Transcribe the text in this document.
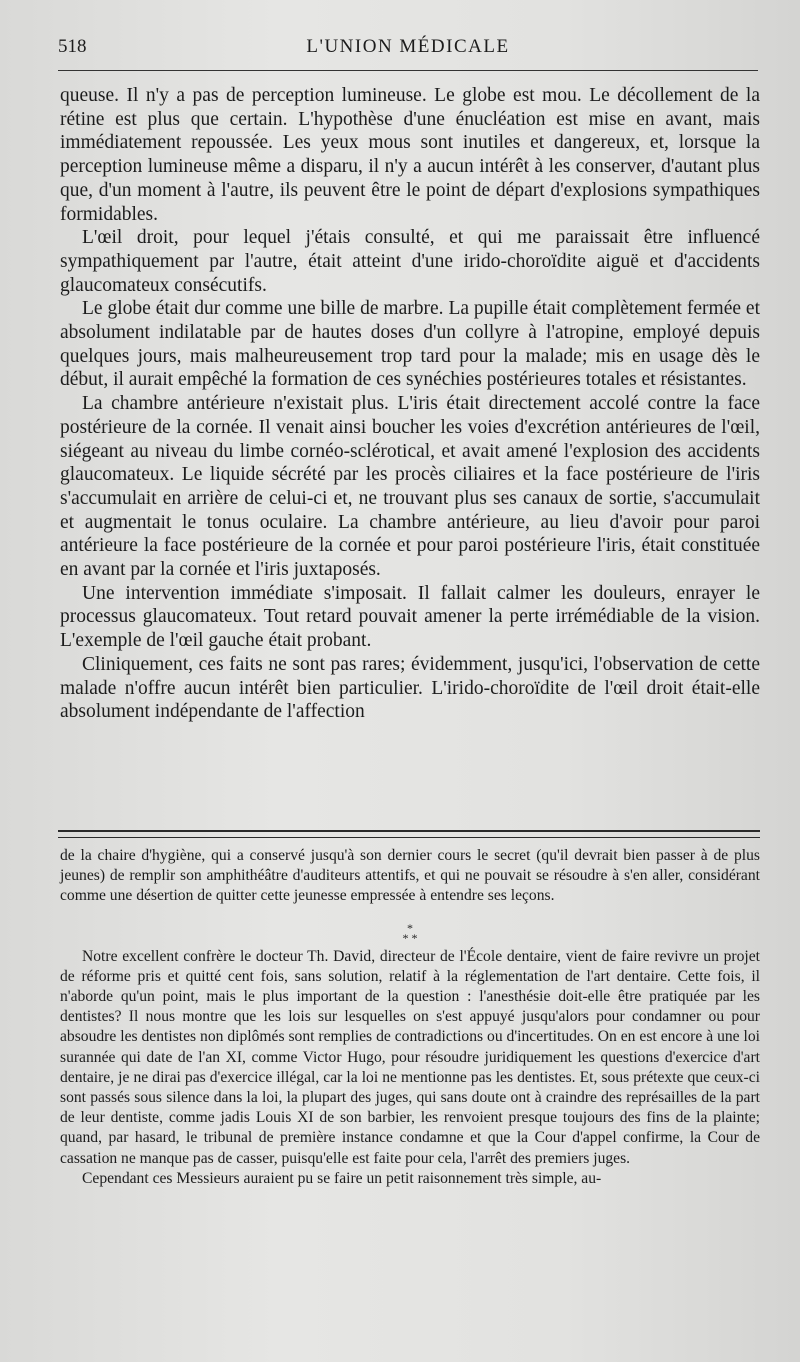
518	L'UNION MÉDICALE

queuse. Il n'y a pas de perception lumineuse. Le globe est mou. Le décollement de la rétine est plus que certain. L'hypothèse d'une énucléation est mise en avant, mais immédiatement repoussée. Les yeux mous sont inutiles et dangereux, et, lorsque la perception lumineuse même a disparu, il n'y a aucun intérêt à les conserver, d'autant plus que, d'un moment à l'autre, ils peuvent être le point de départ d'explosions sympathiques formidables.

L'œil droit, pour lequel j'étais consulté, et qui me paraissait être influencé sympathiquement par l'autre, était atteint d'une irido-choroïdite aiguë et d'accidents glaucomateux consécutifs.

Le globe était dur comme une bille de marbre. La pupille était complètement fermée et absolument indilatable par de hautes doses d'un collyre à l'atropine, employé depuis quelques jours, mais malheureusement trop tard pour la malade; mis en usage dès le début, il aurait empêché la formation de ces synéchies postérieures totales et résistantes.

La chambre antérieure n'existait plus. L'iris était directement accolé contre la face postérieure de la cornée. Il venait ainsi boucher les voies d'excrétion antérieures de l'œil, siégeant au niveau du limbe cornéo-sclérotical, et avait amené l'explosion des accidents glaucomateux. Le liquide sécrété par les procès ciliaires et la face postérieure de l'iris s'accumulait en arrière de celui-ci et, ne trouvant plus ses canaux de sortie, s'accumulait et augmentait le tonus oculaire. La chambre antérieure, au lieu d'avoir pour paroi antérieure la face postérieure de la cornée et pour paroi postérieure l'iris, était constituée en avant par la cornée et l'iris juxtaposés.

Une intervention immédiate s'imposait. Il fallait calmer les douleurs, enrayer le processus glaucomateux. Tout retard pouvait amener la perte irrémédiable de la vision. L'exemple de l'œil gauche était probant.

Cliniquement, ces faits ne sont pas rares; évidemment, jusqu'ici, l'observation de cette malade n'offre aucun intérêt bien particulier. L'irido-choroïdite de l'œil droit était-elle absolument indépendante de l'affection

de la chaire d'hygiène, qui a conservé jusqu'à son dernier cours le secret (qu'il devrait bien passer à de plus jeunes) de remplir son amphithéâtre d'auditeurs attentifs, et qui ne pouvait se résoudre à s'en aller, considérant comme une désertion de quitter cette jeunesse empressée à entendre ses leçons.

*
* *

Notre excellent confrère le docteur Th. David, directeur de l'École dentaire, vient de faire revivre un projet de réforme pris et quitté cent fois, sans solution, relatif à la réglementation de l'art dentaire. Cette fois, il n'aborde qu'un point, mais le plus important de la question : l'anesthésie doit-elle être pratiquée par les dentistes? Il nous montre que les lois sur lesquelles on s'est appuyé jusqu'alors pour condamner ou pour absoudre les dentistes non diplômés sont remplies de contradictions ou d'incertitudes. On en est encore à une loi surannée qui date de l'an XI, comme Victor Hugo, pour résoudre juridiquement les questions d'exercice d'art dentaire, je ne dirai pas d'exercice illégal, car la loi ne mentionne pas les dentistes. Et, sous prétexte que ceux-ci sont passés sous silence dans la loi, la plupart des juges, qui sans doute ont à craindre des représailles de la part de leur dentiste, comme jadis Louis XI de son barbier, les renvoient presque toujours des fins de la plainte; quand, par hasard, le tribunal de première instance condamne et que la Cour d'appel confirme, la Cour de cassation ne manque pas de casser, puisqu'elle est faite pour cela, l'arrêt des premiers juges.

Cependant ces Messieurs auraient pu se faire un petit raisonnement très simple, au-
